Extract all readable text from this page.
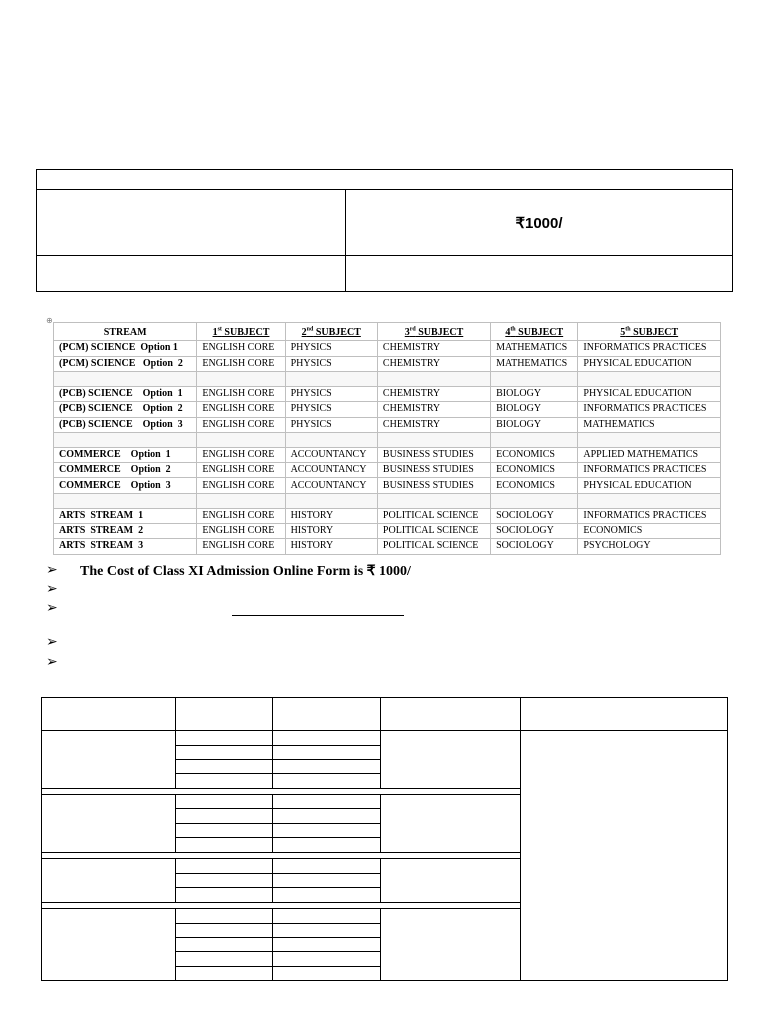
₹1000/
⊕
STREAM	1st SUBJECT	2nd SUBJECT	3rd SUBJECT	4th SUBJECT	5th SUBJECT
(PCM) SCIENCE  Option 1	ENGLISH CORE	PHYSICS	CHEMISTRY	MATHEMATICS	INFORMATICS PRACTICES
(PCM) SCIENCE   Option  2	ENGLISH CORE	PHYSICS	CHEMISTRY	MATHEMATICS	PHYSICAL EDUCATION

(PCB) SCIENCE    Option  1	ENGLISH CORE	PHYSICS	CHEMISTRY	BIOLOGY	PHYSICAL EDUCATION
(PCB) SCIENCE    Option  2	ENGLISH CORE	PHYSICS	CHEMISTRY	BIOLOGY	INFORMATICS PRACTICES
(PCB) SCIENCE    Option  3	ENGLISH CORE	PHYSICS	CHEMISTRY	BIOLOGY	MATHEMATICS

COMMERCE    Option  1	ENGLISH CORE	ACCOUNTANCY	BUSINESS STUDIES	ECONOMICS	APPLIED MATHEMATICS
COMMERCE    Option  2	ENGLISH CORE	ACCOUNTANCY	BUSINESS STUDIES	ECONOMICS	INFORMATICS PRACTICES
COMMERCE    Option  3	ENGLISH CORE	ACCOUNTANCY	BUSINESS STUDIES	ECONOMICS	PHYSICAL EDUCATION

ARTS  STREAM  1	ENGLISH CORE	HISTORY	POLITICAL SCIENCE	SOCIOLOGY	INFORMATICS PRACTICES
ARTS  STREAM  2	ENGLISH CORE	HISTORY	POLITICAL SCIENCE	SOCIOLOGY	ECONOMICS
ARTS  STREAM  3	ENGLISH CORE	HISTORY	POLITICAL SCIENCE	SOCIOLOGY	PSYCHOLOGY
➢ The Cost of Class XI Admission Online Form is ₹ 1000/
➢
➢
➢
➢
